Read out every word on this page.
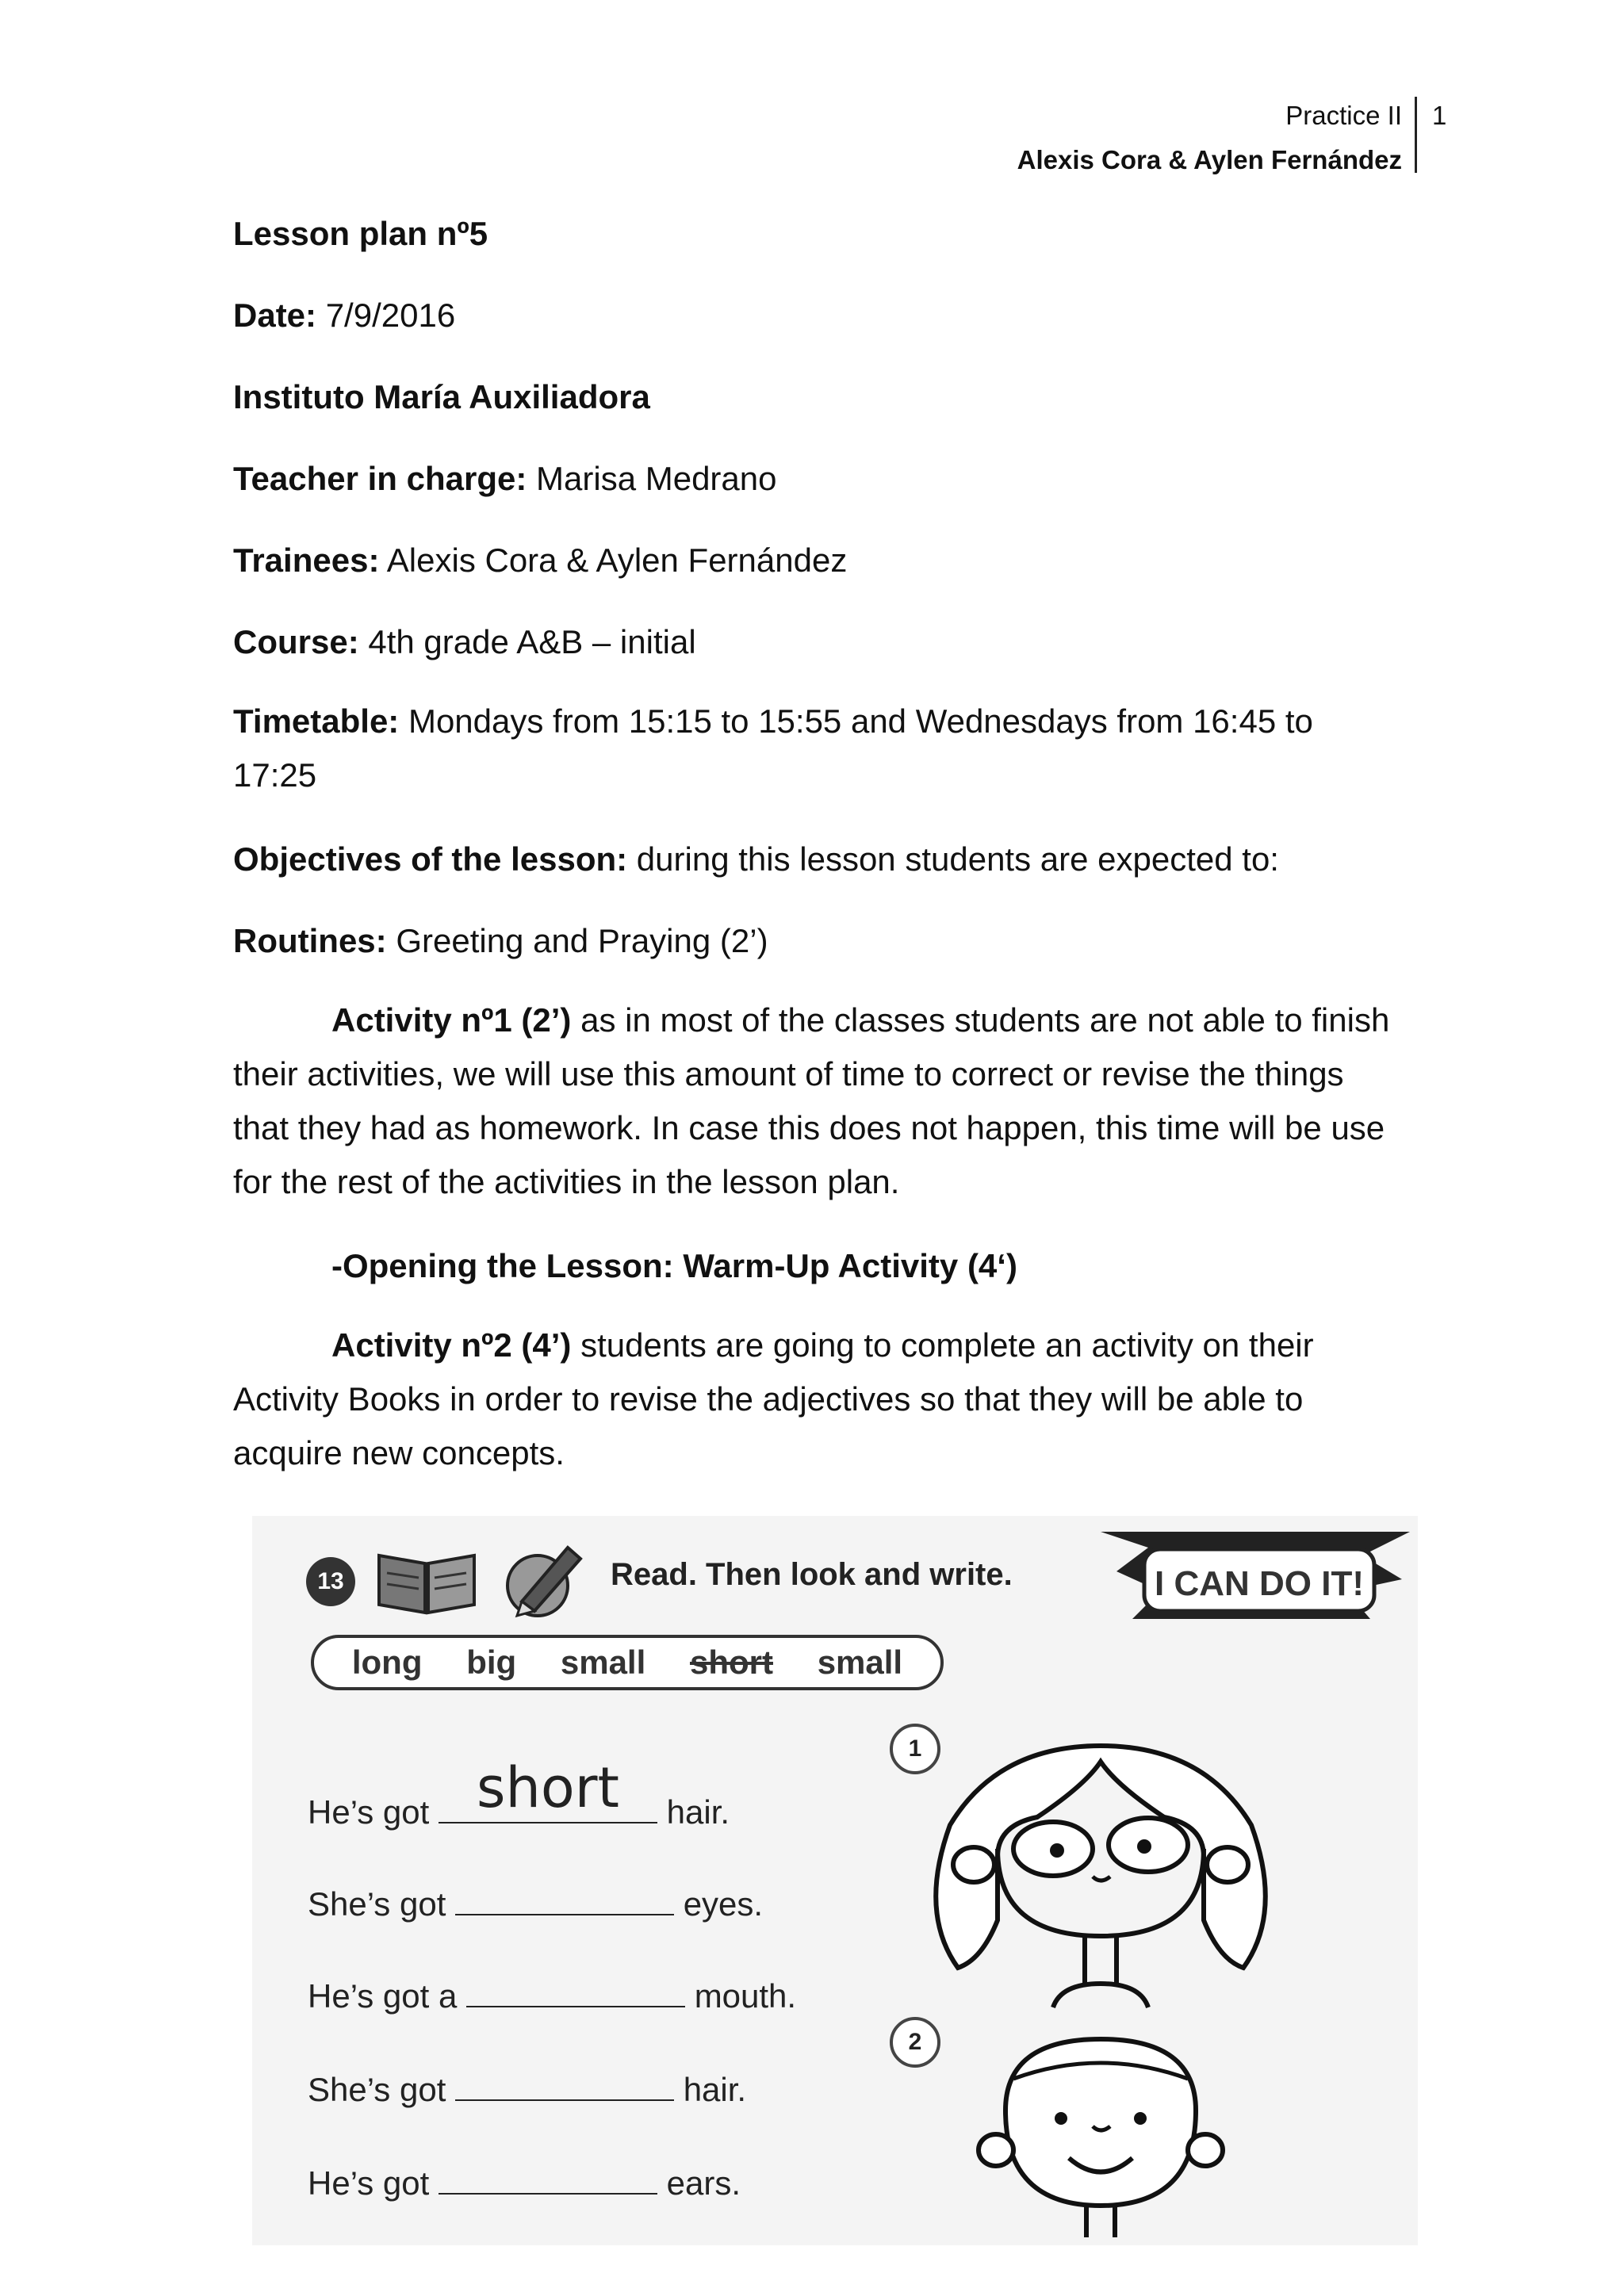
Practice II
Alexis Cora & Aylen Fernández
1
Lesson plan nº5
Date: 7/9/2016
Instituto María Auxiliadora
Teacher in charge: Marisa Medrano
Trainees: Alexis Cora & Aylen Fernández
Course: 4th grade A&B – initial
Timetable: Mondays from 15:15 to 15:55 and Wednesdays from 16:45 to 17:25
Objectives of the lesson: during this lesson students are expected to:
Routines: Greeting and Praying (2’)
Activity nº1 (2’) as in most of the classes students are not able to finish their activities, we will use this amount of time to correct or revise the things that they had as homework. In case this does not happen, this time will be use for the rest of the activities in the lesson plan.
-Opening the Lesson: Warm-Up Activity (4‘)
Activity nº2 (4’) students are going to complete an activity on their Activity Books in order to revise the adjectives so that they will be able to acquire new concepts.
13	Read. Then look and write.	I CAN DO IT!
long big small short small
He’s got short	hair.
She’s got	eyes.
He’s got a	mouth.
She’s got	hair.
He’s got	ears.
1
2
